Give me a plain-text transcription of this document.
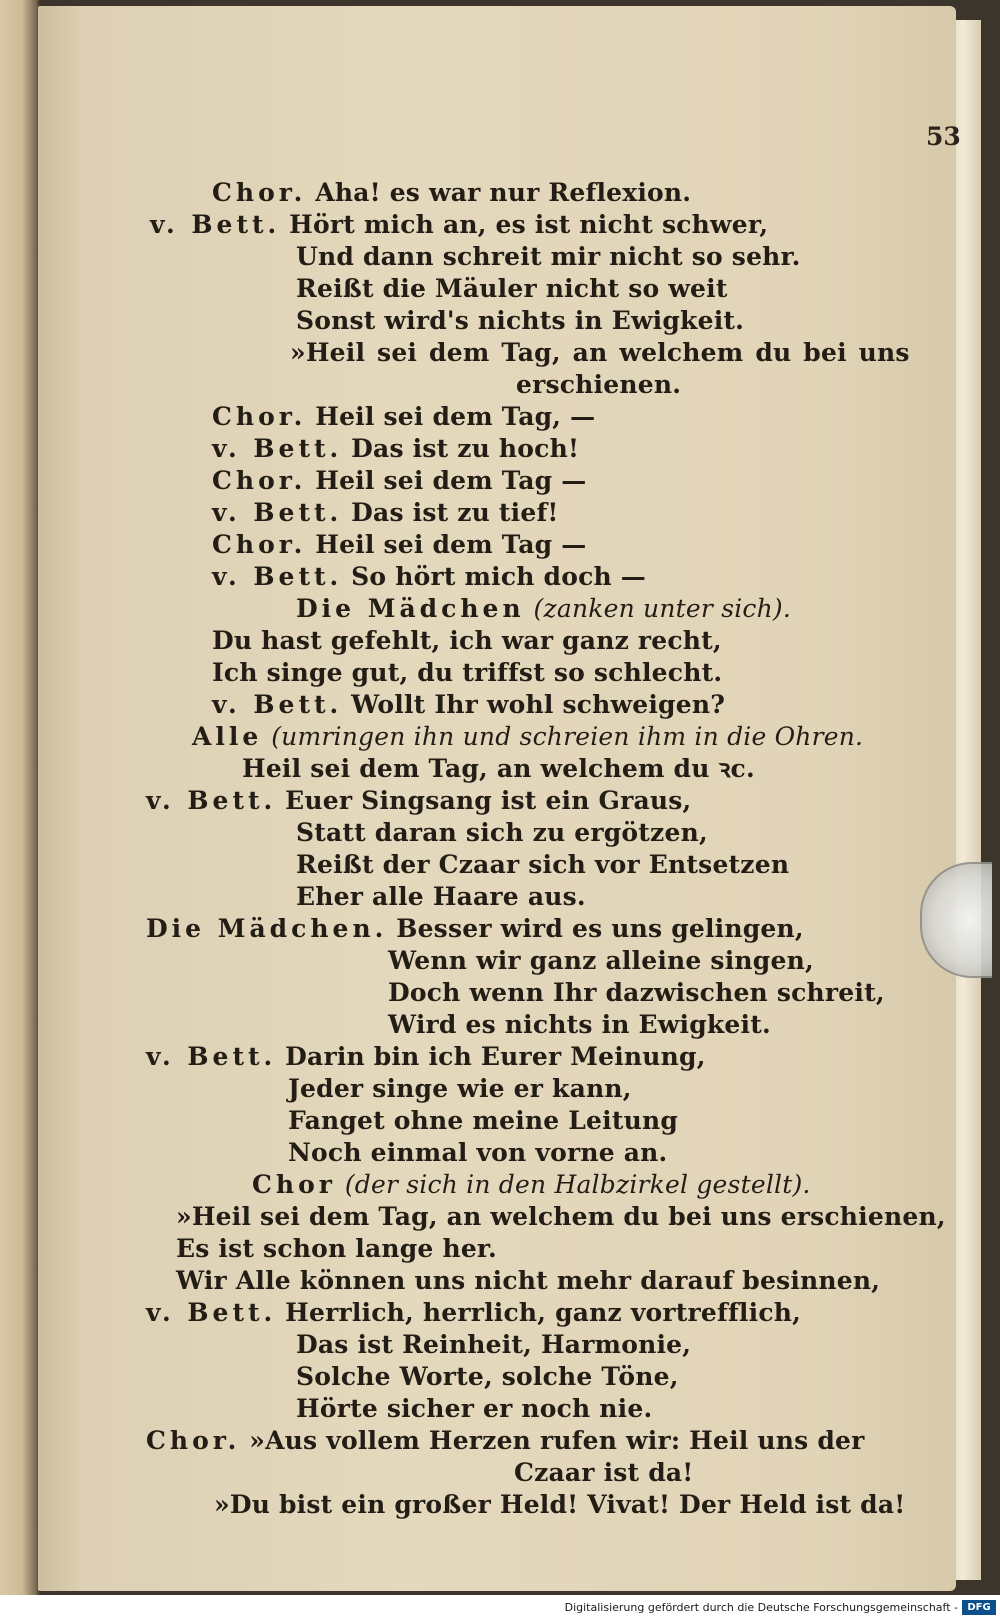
53
Chor. Aha! es war nur Reflexion.
v. Bett. Hört mich an, es ist nicht schwer,
Und dann schreit mir nicht so sehr.
Reißt die Mäuler nicht so weit
Sonst wird's nichts in Ewigkeit.
»Heil sei dem Tag, an welchem du bei uns
erschienen.
Chor. Heil sei dem Tag, —
v. Bett. Das ist zu hoch!
Chor. Heil sei dem Tag —
v. Bett. Das ist zu tief!
Chor. Heil sei dem Tag —
v. Bett. So hört mich doch —
Die Mädchen (zanken unter sich).
Du hast gefehlt, ich war ganz recht,
Ich singe gut, du triffst so schlecht.
v. Bett. Wollt Ihr wohl schweigen?
Alle (umringen ihn und schreien ihm in die Ohren.
Heil sei dem Tag, an welchem du ꝛc.
v. Bett. Euer Singsang ist ein Graus,
Statt daran sich zu ergötzen,
Reißt der Czaar sich vor Entsetzen
Eher alle Haare aus.
Die Mädchen. Besser wird es uns gelingen,
Wenn wir ganz alleine singen,
Doch wenn Ihr dazwischen schreit,
Wird es nichts in Ewigkeit.
v. Bett. Darin bin ich Eurer Meinung,
Jeder singe wie er kann,
Fanget ohne meine Leitung
Noch einmal von vorne an.
Chor (der sich in den Halbzirkel gestellt).
»Heil sei dem Tag, an welchem du bei uns erschienen,
Es ist schon lange her.
Wir Alle können uns nicht mehr darauf besinnen,
v. Bett. Herrlich, herrlich, ganz vortrefflich,
Das ist Reinheit, Harmonie,
Solche Worte, solche Töne,
Hörte sicher er noch nie.
Chor. »Aus vollem Herzen rufen wir: Heil uns der
Czaar ist da!
»Du bist ein großer Held! Vivat! Der Held ist da!
Digitalisierung gefördert durch die Deutsche Forschungsgemeinschaft - DFG
